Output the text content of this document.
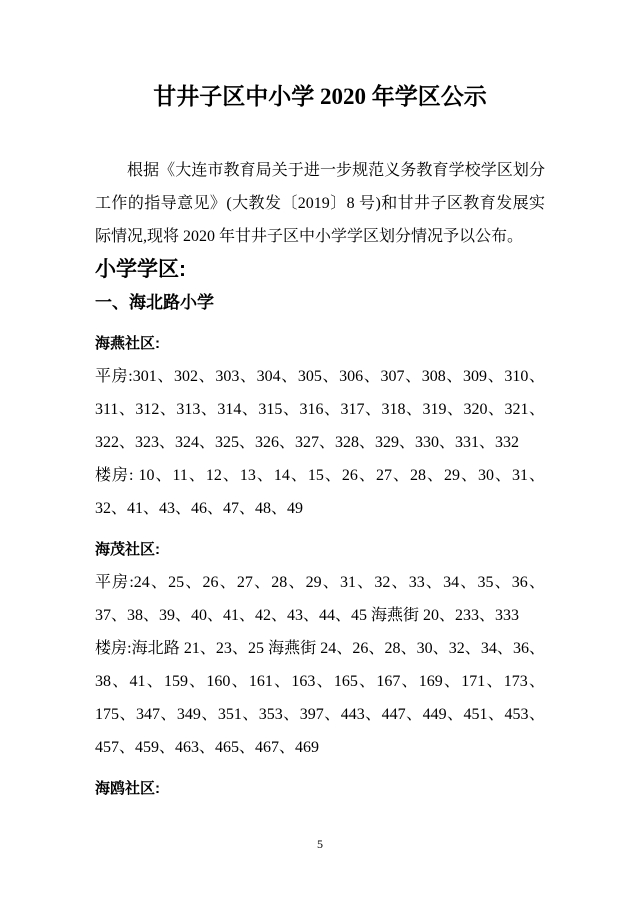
甘井子区中小学 2020 年学区公示

根据《大连市教育局关于进一步规范义务教育学校学区划分工作的指导意见》(大教发〔2019〕8 号)和甘井子区教育发展实际情况,现将 2020 年甘井子区中小学学区划分情况予以公布。

小学学区:
一、海北路小学
海燕社区:

平房:301、302、303、304、305、306、307、308、309、310、311、312、313、314、315、316、317、318、319、320、321、322、323、324、325、326、327、328、329、330、331、332

楼房: 10、11、12、13、14、15、26、27、28、29、30、31、32、41、43、46、47、48、49

海茂社区:

平房:24、25、26、27、28、29、31、32、33、34、35、36、37、38、39、40、41、42、43、44、45 海燕街 20、233、333

楼房:海北路 21、23、25 海燕街 24、26、28、30、32、34、36、38、41、159、160、161、163、165、167、169、171、173、175、347、349、351、353、397、443、447、449、451、453、457、459、463、465、467、469

海鸥社区:
5
